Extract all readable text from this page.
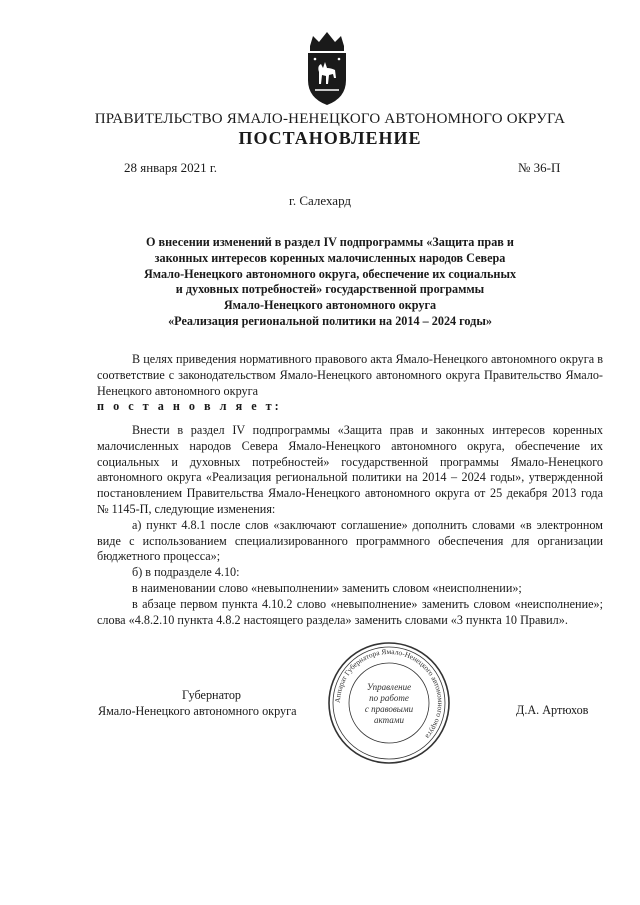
ПРАВИТЕЛЬСТВО ЯМАЛО-НЕНЕЦКОГО АВТОНОМНОГО ОКРУГА
ПОСТАНОВЛЕНИЕ
28 января 2021 г.	№ 36-П
г. Салехард
О внесении изменений в раздел IV подпрограммы «Защита прав и
законных интересов коренных малочисленных народов Севера
Ямало-Ненецкого автономного округа, обеспечение их социальных
и духовных потребностей» государственной программы
Ямало-Ненецкого автономного округа
«Реализация региональной политики на 2014 – 2024 годы»

В целях приведения нормативного правового акта Ямало-Ненецкого автономного округа в соответствие с законодательством Ямало-Ненецкого автономного округа Правительство Ямало-Ненецкого автономного округа

п о с т а н о в л я е т:

Внести в раздел IV подпрограммы «Защита прав и законных интересов коренных малочисленных народов Севера Ямало-Ненецкого автономного округа, обеспечение их социальных и духовных потребностей» государственной программы Ямало-Ненецкого автономного округа «Реализация региональной политики на 2014 – 2024 годы», утвержденной постановлением Правительства Ямало-Ненецкого автономного округа от 25 декабря 2013 года № 1145-П, следующие изменения:

а) пункт 4.8.1 после слов «заключают соглашение» дополнить словами «в электронном виде с использованием специализированного программного обеспечения для организации бюджетного процесса»;

б) в подразделе 4.10:

в наименовании слово «невыполнении» заменить словом «неисполнении»;

в абзаце первом пункта 4.10.2 слово «невыполнение» заменить словом «неисполнение»; слова «4.8.2.10 пункта 4.8.2 настоящего раздела» заменить словами «3 пункта 10 Правил».

Губернатор
Ямало-Ненецкого автономного округа	Д.А. Артюхов
Аппарат Губернатора Ямало-Ненецкого автономного округа
Управление
по работе
с правовыми
актами
